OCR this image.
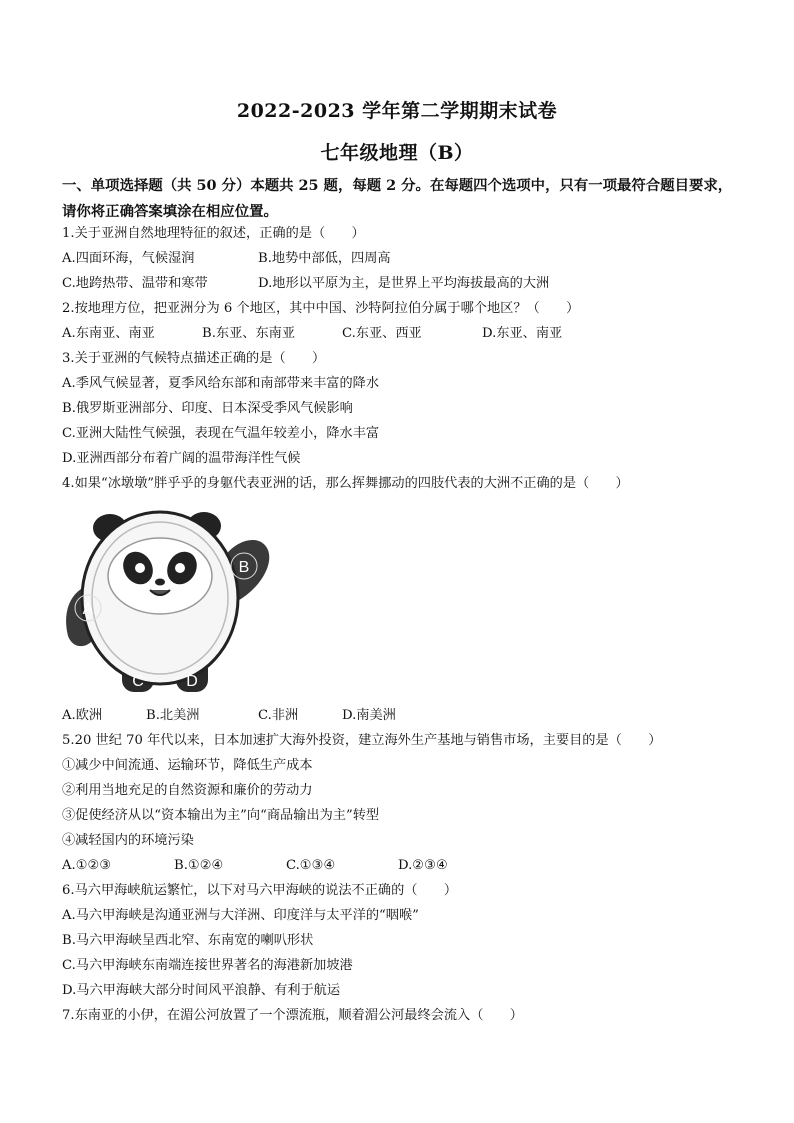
2022-2023 学年第二学期期末试卷
七年级地理（B）
一、单项选择题（共 50 分）本题共 25 题，每题 2 分。在每题四个选项中，只有一项最符合题目要求，请你将正确答案填涂在相应位置。
1.关于亚洲自然地理特征的叙述，正确的是（　　）
A.四面环海，气候湿润	B.地势中部低，四周高
C.地跨热带、温带和寒带	D.地形以平原为主，是世界上平均海拔最高的大洲
2.按地理方位，把亚洲分为 6 个地区，其中中国、沙特阿拉伯分属于哪个地区？（　　）
A.东南亚、南亚	B.东亚、东南亚	C.东亚、西亚	D.东亚、南亚
3.关于亚洲的气候特点描述正确的是（　　）
A.季风气候显著，夏季风给东部和南部带来丰富的降水
B.俄罗斯亚洲部分、印度、日本深受季风气候影响
C.亚洲大陆性气候强，表现在气温年较差小，降水丰富
D.亚洲西部分布着广阔的温带海洋性气候
4.如果“冰墩墩”胖乎乎的身躯代表亚洲的话，那么挥舞挪动的四肢代表的大洲不正确的是（　　）
A
B
C	D
A.欧洲	B.北美洲	C.非洲	D.南美洲
5.20 世纪 70 年代以来，日本加速扩大海外投资，建立海外生产基地与销售市场，主要目的是（　　）
①减少中间流通、运输环节，降低生产成本
②利用当地充足的自然资源和廉价的劳动力
③促使经济从以“资本输出为主”向“商品输出为主”转型
④减轻国内的环境污染
A.①②③	B.①②④	C.①③④	D.②③④
6.马六甲海峡航运繁忙，以下对马六甲海峡的说法不正确的（　　）
A.马六甲海峡是沟通亚洲与大洋洲、印度洋与太平洋的“咽喉”
B.马六甲海峡呈西北窄、东南宽的喇叭形状
C.马六甲海峡东南端连接世界著名的海港新加坡港
D.马六甲海峡大部分时间风平浪静、有利于航运
7.东南亚的小伊，在湄公河放置了一个漂流瓶，顺着湄公河最终会流入（　　）
